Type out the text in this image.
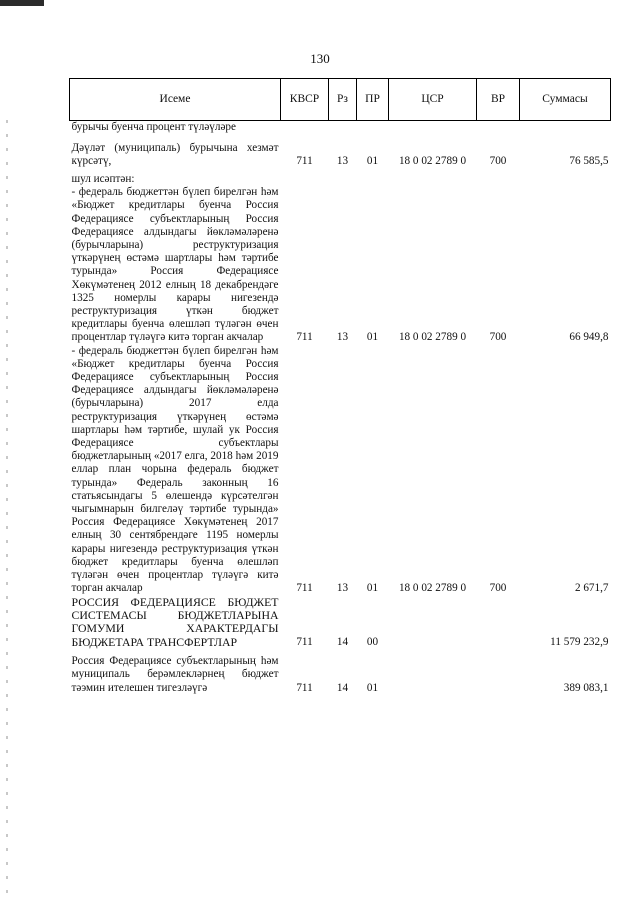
130
Иcеме	КВСР	Рз	ПР	ЦСР	ВР	Суммасы
бурычы буенча процент түләүләре						
Дәүләт (муниципаль) бурычына хезмәт күрсәтү,	711	13	01	18 0 02 2789 0	700	76 585,5
шул исәптән:						
- федераль бюджеттән бүлеп бирелгән һәм «Бюджет кредитлары буенча Россия Федерациясе субъектларының Россия Федерациясе алдындагы йөкләмәләренә (бурычларына) реструктуризация үткәрүнең өстәмә шартлары һәм тәртибе турында» Россия Федерациясе Хөкүмәтенең 2012 елның 18 декабрендәге 1325 номерлы карары нигезендә реструктуризация үткән бюджет кредитлары буенча өлешләп түләгән өчен процентлар түләүгә китә торган акчалар	711	13	01	18 0 02 2789 0	700	66 949,8
- федераль бюджеттән бүлеп бирелгән һәм «Бюджет кредитлары буенча Россия Федерациясе субъектларының Россия Федерациясе алдындагы йөкләмәләренә (бурычларына) 2017 елда реструктуризация үткәрүнең өстәмә шартлары һәм тәртибе, шулай ук Россия Федерациясе субъектлары бюджетларының «2017 елга, 2018 һәм 2019 еллар план чорына федераль бюджет турында» Федераль законның 16 статьясындагы 5 өлешендә күрсәтелгән чыгымнарын билгеләү тәртибе турында» Россия Федерациясе Хөкүмәтенең 2017 елның 30 сентябрендәге 1195 номерлы карары нигезендә реструктуризация үткән бюджет кредитлары буенча өлешләп түләгән өчен процентлар түләүгә китә торган акчалар	711	13	01	18 0 02 2789 0	700	2 671,7
РОССИЯ ФЕДЕРАЦИЯСЕ БЮДЖЕТ СИСТЕМАСЫ БЮДЖЕТЛАРЫНА ГОМУМИ ХАРАКТЕРДАГЫ БЮДЖЕТАРА ТРАНСФЕРТЛАР	711	14	00			11 579 232,9
Россия Федерациясе субъектларының һәм муниципаль берәмлекләрнең бюджет тәэмин ителешен тигезләүгә	711	14	01			389 083,1
